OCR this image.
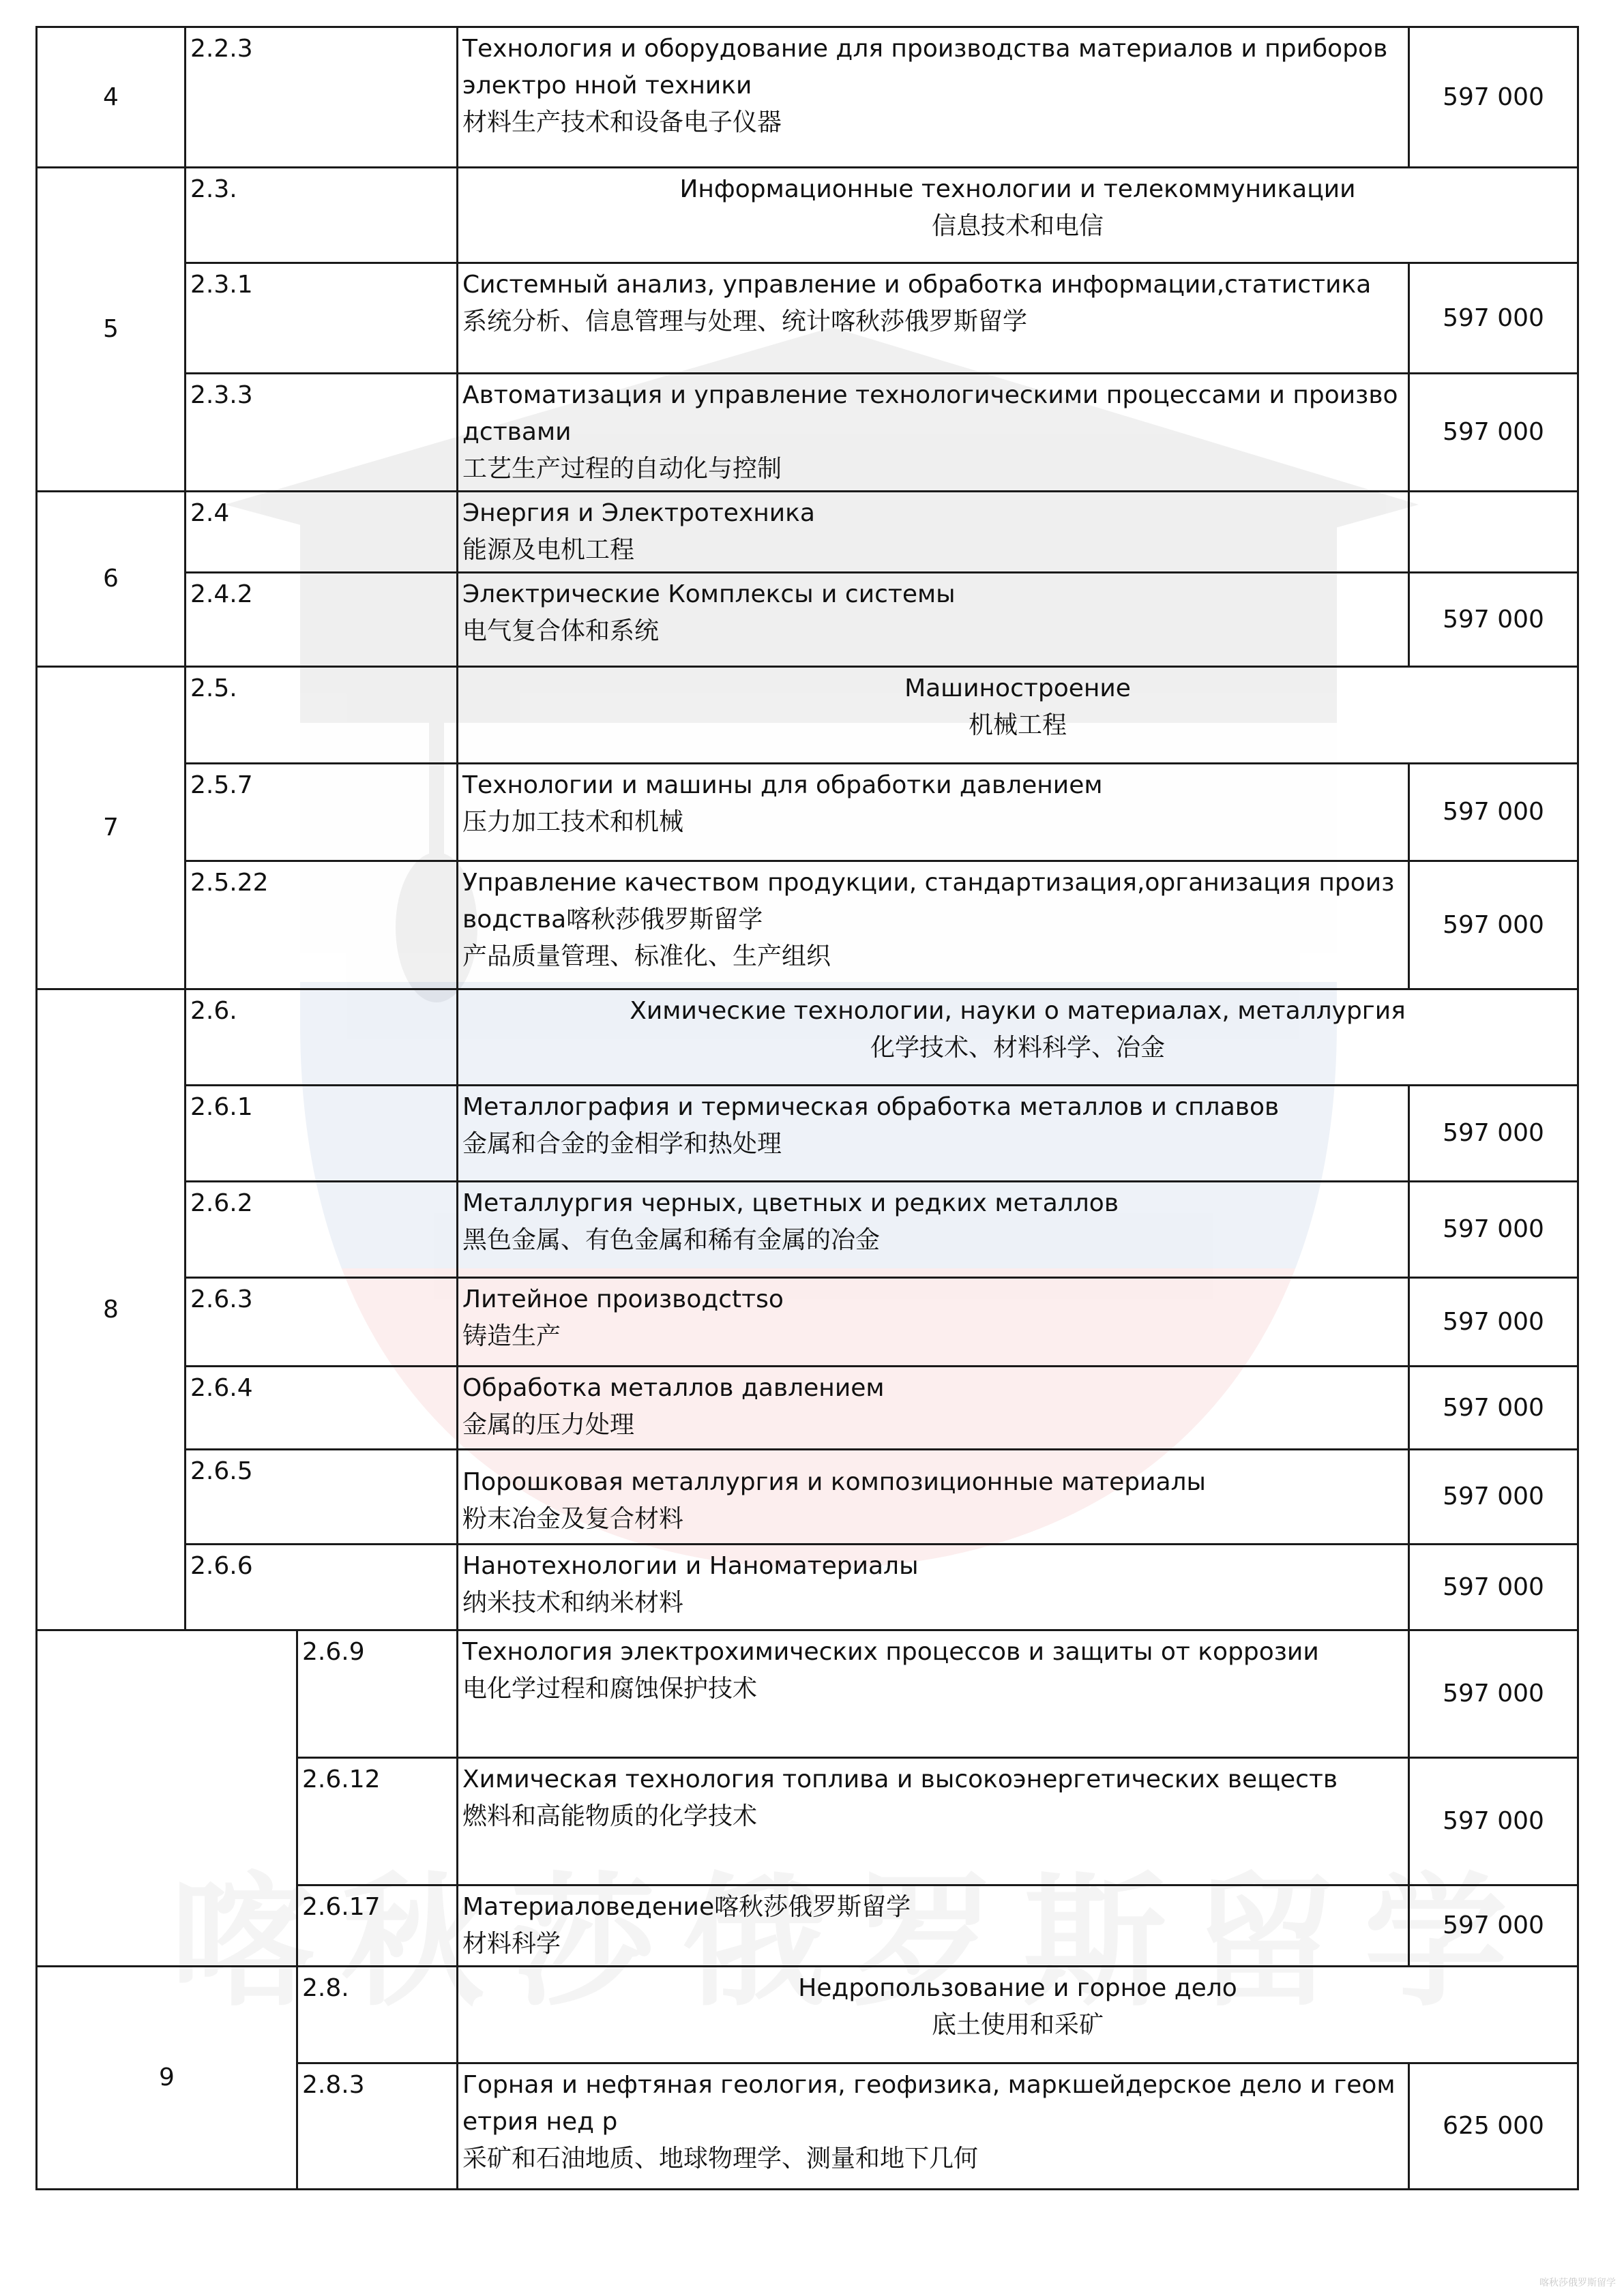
喀秋莎俄罗斯留学
4	2.2.3		Технология и оборудование для производства материалов и приборов электро нной техники
材料生产技术和设备电子仪器	597 000
5	2.3.		Информационные технологии и телекоммуникации
信息技术和电信	

	2.3.1		Системный анализ, управление и обработка информации,статистика
系统分析、信息管理与处理、统计喀秋莎俄罗斯留学	597 000
	2.3.3		Автоматизация и управление технологическими процессами и производствами
工艺生产过程的自动化与控制	597 000
6	2.4		Энергия и Электротехника
能源及电机工程	

	2.4.2		Электрические Комплексы и системы
电气复合体和系统	597 000
7	2.5.		Машиностроение
机械工程	

	2.5.7		Технологии и машины для обработки давлением
压力加工技术和机械	597 000
	2.5.22		Управление качеством продукции, стандартизация,организация производства喀秋莎俄罗斯留学
产品质量管理、标准化、生产组织	597 000
8	2.6.		Химические технологии, науки о материалах, металлургия
化学技术、材料科学、冶金	

	2.6.1		Металлография и термическая обработка металлов и сплавов
金属和合金的金相学和热处理	597 000
	2.6.2		Металлургия черных, цветных и редких металлов
黑色金属、有色金属和稀有金属的冶金	597 000
	2.6.3		Литейное производсtтso
铸造生产	597 000
	2.6.4		Обработка металлов давлением
金属的压力处理	597 000
	2.6.5		Порошковая металлургия и композиционные материалы
粉末冶金及复合材料	597 000
	2.6.6		Нанотехнологии и Наноматериалы
纳米技术和纳米材料	597 000
		2.6.9	Технология электрохимических процессов и защиты от коррозии
电化学过程和腐蚀保护技术	597 000
		2.6.12	Химическая технология топлива и высокоэнергетических веществ
燃料和高能物质的化学技术	597 000
		2.6.17	Материаловедение喀秋莎俄罗斯留学
材料科学	597 000
9		2.8.	Недропользование и горное дело
底土使用和采矿	

		2.8.3	Горная и нефтяная геология, геофизика, маркшейдерское дело и геометрия нед р
采矿和石油地质、地球物理学、测量和地下几何	625 000
